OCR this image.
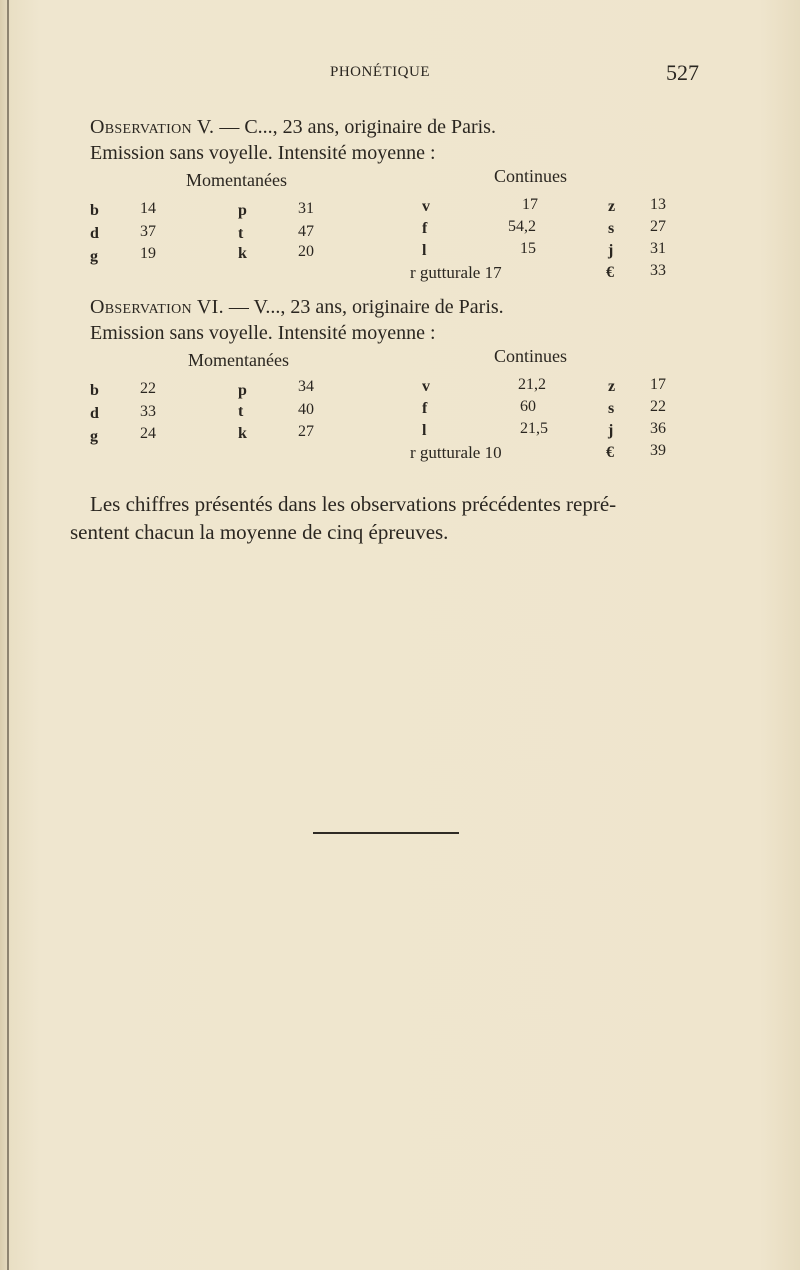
PHONÉTIQUE	527
Observation V. — C..., 23 ans, originaire de Paris.
Emission sans voyelle. Intensité moyenne :
Momentanées	Continues
b	14	p	31
d	37	t	47
g	19	k	20
v	17	z 13
f	54,2	s 27
l	15	j 31
r gutturale 17	€ 33
Observation VI. — V..., 23 ans, originaire de Paris.
Emission sans voyelle. Intensité moyenne :
Momentanées	Continues
b	22	p	34
d	33	t	40
g	24	k	27
v	21,2	z 17
f	60	s 22
l	21,5	j 36
r gutturale 10	€ 39
Les chiffres présentés dans les observations précédentes repré-
sentent chacun la moyenne de cinq épreuves.
